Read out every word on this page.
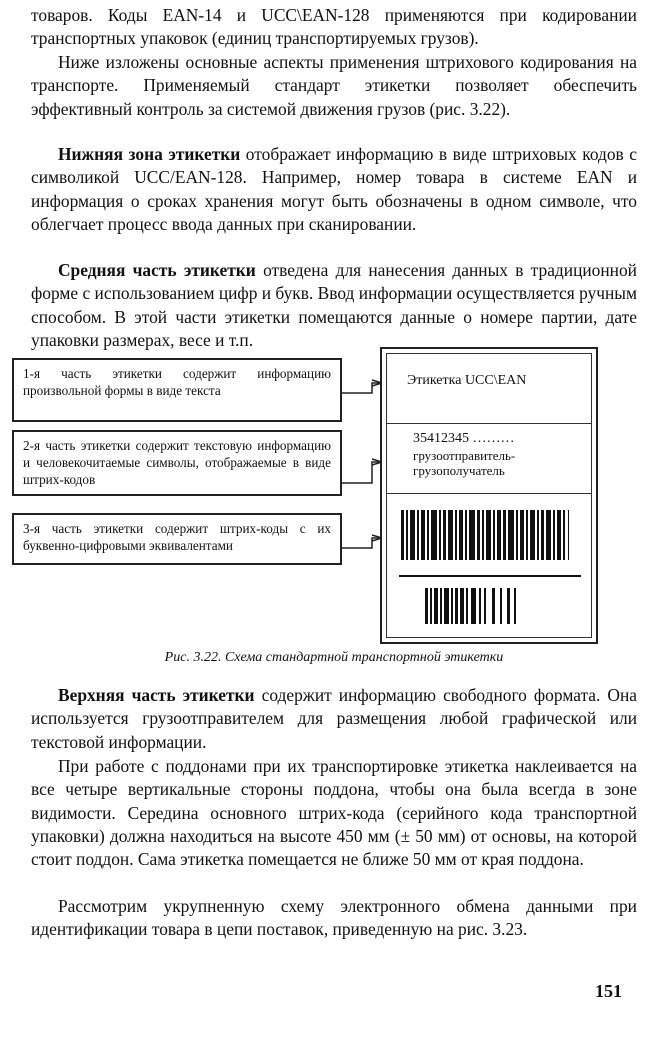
товаров. Коды EAN-14 и UCC\EAN-128 применяются при кодировании транспортных упаковок (единиц транспортируемых грузов).

Ниже изложены основные аспекты применения штрихового кодирования на транспорте. Применяемый стандарт этикетки позволяет обеспечить эффективный контроль за системой движения грузов (рис. 3.22).

Нижняя зона этикетки отображает информацию в виде штриховых кодов с символикой UCC/EAN-128. Например, номер товара в системе EAN и информация о сроках хранения могут быть обозначены в одном символе, что облегчает процесс ввода данных при сканировании.

Средняя часть этикетки отведена для нанесения данных в традиционной форме с использованием цифр и букв. Ввод информации осуществляется ручным способом. В этой части этикетки помещаются данные о номере партии, дате упаковки размерах, весе и т.п.

1-я часть этикетки содержит информацию произвольной формы в виде текста
2-я часть этикетки содержит текстовую информацию и человекочитаемые символы, отображаемые в виде штрих-кодов
3-я часть этикетки содержит штрих-коды с их буквенно-цифровыми эквивалентами
Этикетка UCC\EAN
35412345 ………
грузоотправитель-
грузополучатель
Рис. 3.22. Схема стандартной транспортной этикетки

Верхняя часть этикетки содержит информацию свободного формата. Она используется грузоотправителем для размещения любой графической или текстовой информации.

При работе с поддонами при их транспортировке этикетка наклеивается на все четыре вертикальные стороны поддона, чтобы она была всегда в зоне видимости. Середина основного штрих-кода (серийного кода транспортной упаковки) должна находиться на высоте 450 мм (± 50 мм) от основы, на которой стоит поддон. Сама этикетка помещается не ближе 50 мм от края поддона.

Рассмотрим укрупненную схему электронного обмена данными при идентификации товара в цепи поставок, приведенную на рис. 3.23.

151
